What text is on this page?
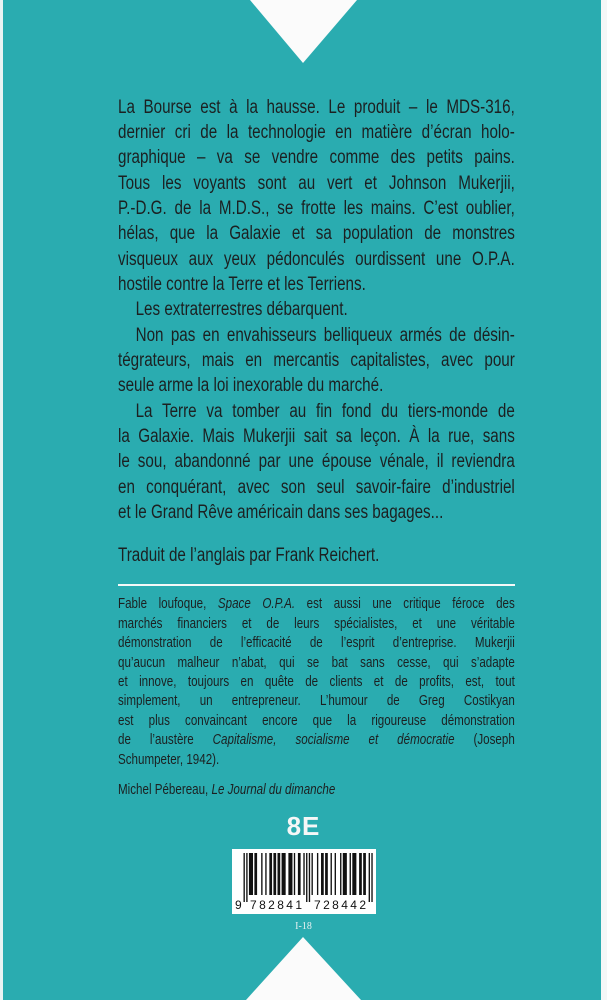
La Bourse est à la hausse. Le produit – le MDS-316,
dernier cri de la technologie en matière d’écran holo-
graphique – va se vendre comme des petits pains.
Tous les voyants sont au vert et Johnson Mukerjii,
P.-D.G. de la M.D.S., se frotte les mains. C’est oublier,
hélas, que la Galaxie et sa population de monstres
visqueux aux yeux pédonculés ourdissent une O.P.A.
hostile contre la Terre et les Terriens.
Les extraterrestres débarquent.
Non pas en envahisseurs belliqueux armés de désin-
tégrateurs, mais en mercantis capitalistes, avec pour
seule arme la loi inexorable du marché.
La Terre va tomber au fin fond du tiers-monde de
la Galaxie. Mais Mukerjii sait sa leçon. À la rue, sans
le sou, abandonné par une épouse vénale, il reviendra
en conquérant, avec son seul savoir-faire d’industriel
et le Grand Rêve américain dans ses bagages...
Traduit de l’anglais par Frank Reichert.
Fable loufoque, Space O.P.A. est aussi une critique féroce des
marchés financiers et de leurs spécialistes, et une véritable
démonstration de l’efficacité de l’esprit d’entreprise. Mukerjii
qu’aucun malheur n’abat, qui se bat sans cesse, qui s’adapte
et innove, toujours en quête de clients et de profits, est, tout
simplement, un entrepreneur. L’humour de Greg Costikyan
est plus convaincant encore que la rigoureuse démonstration
de l’austère Capitalisme, socialisme et démocratie (Joseph
Schumpeter, 1942).
Michel Pébereau, Le Journal du dimanche
8E
9 782841 728442
I-18
